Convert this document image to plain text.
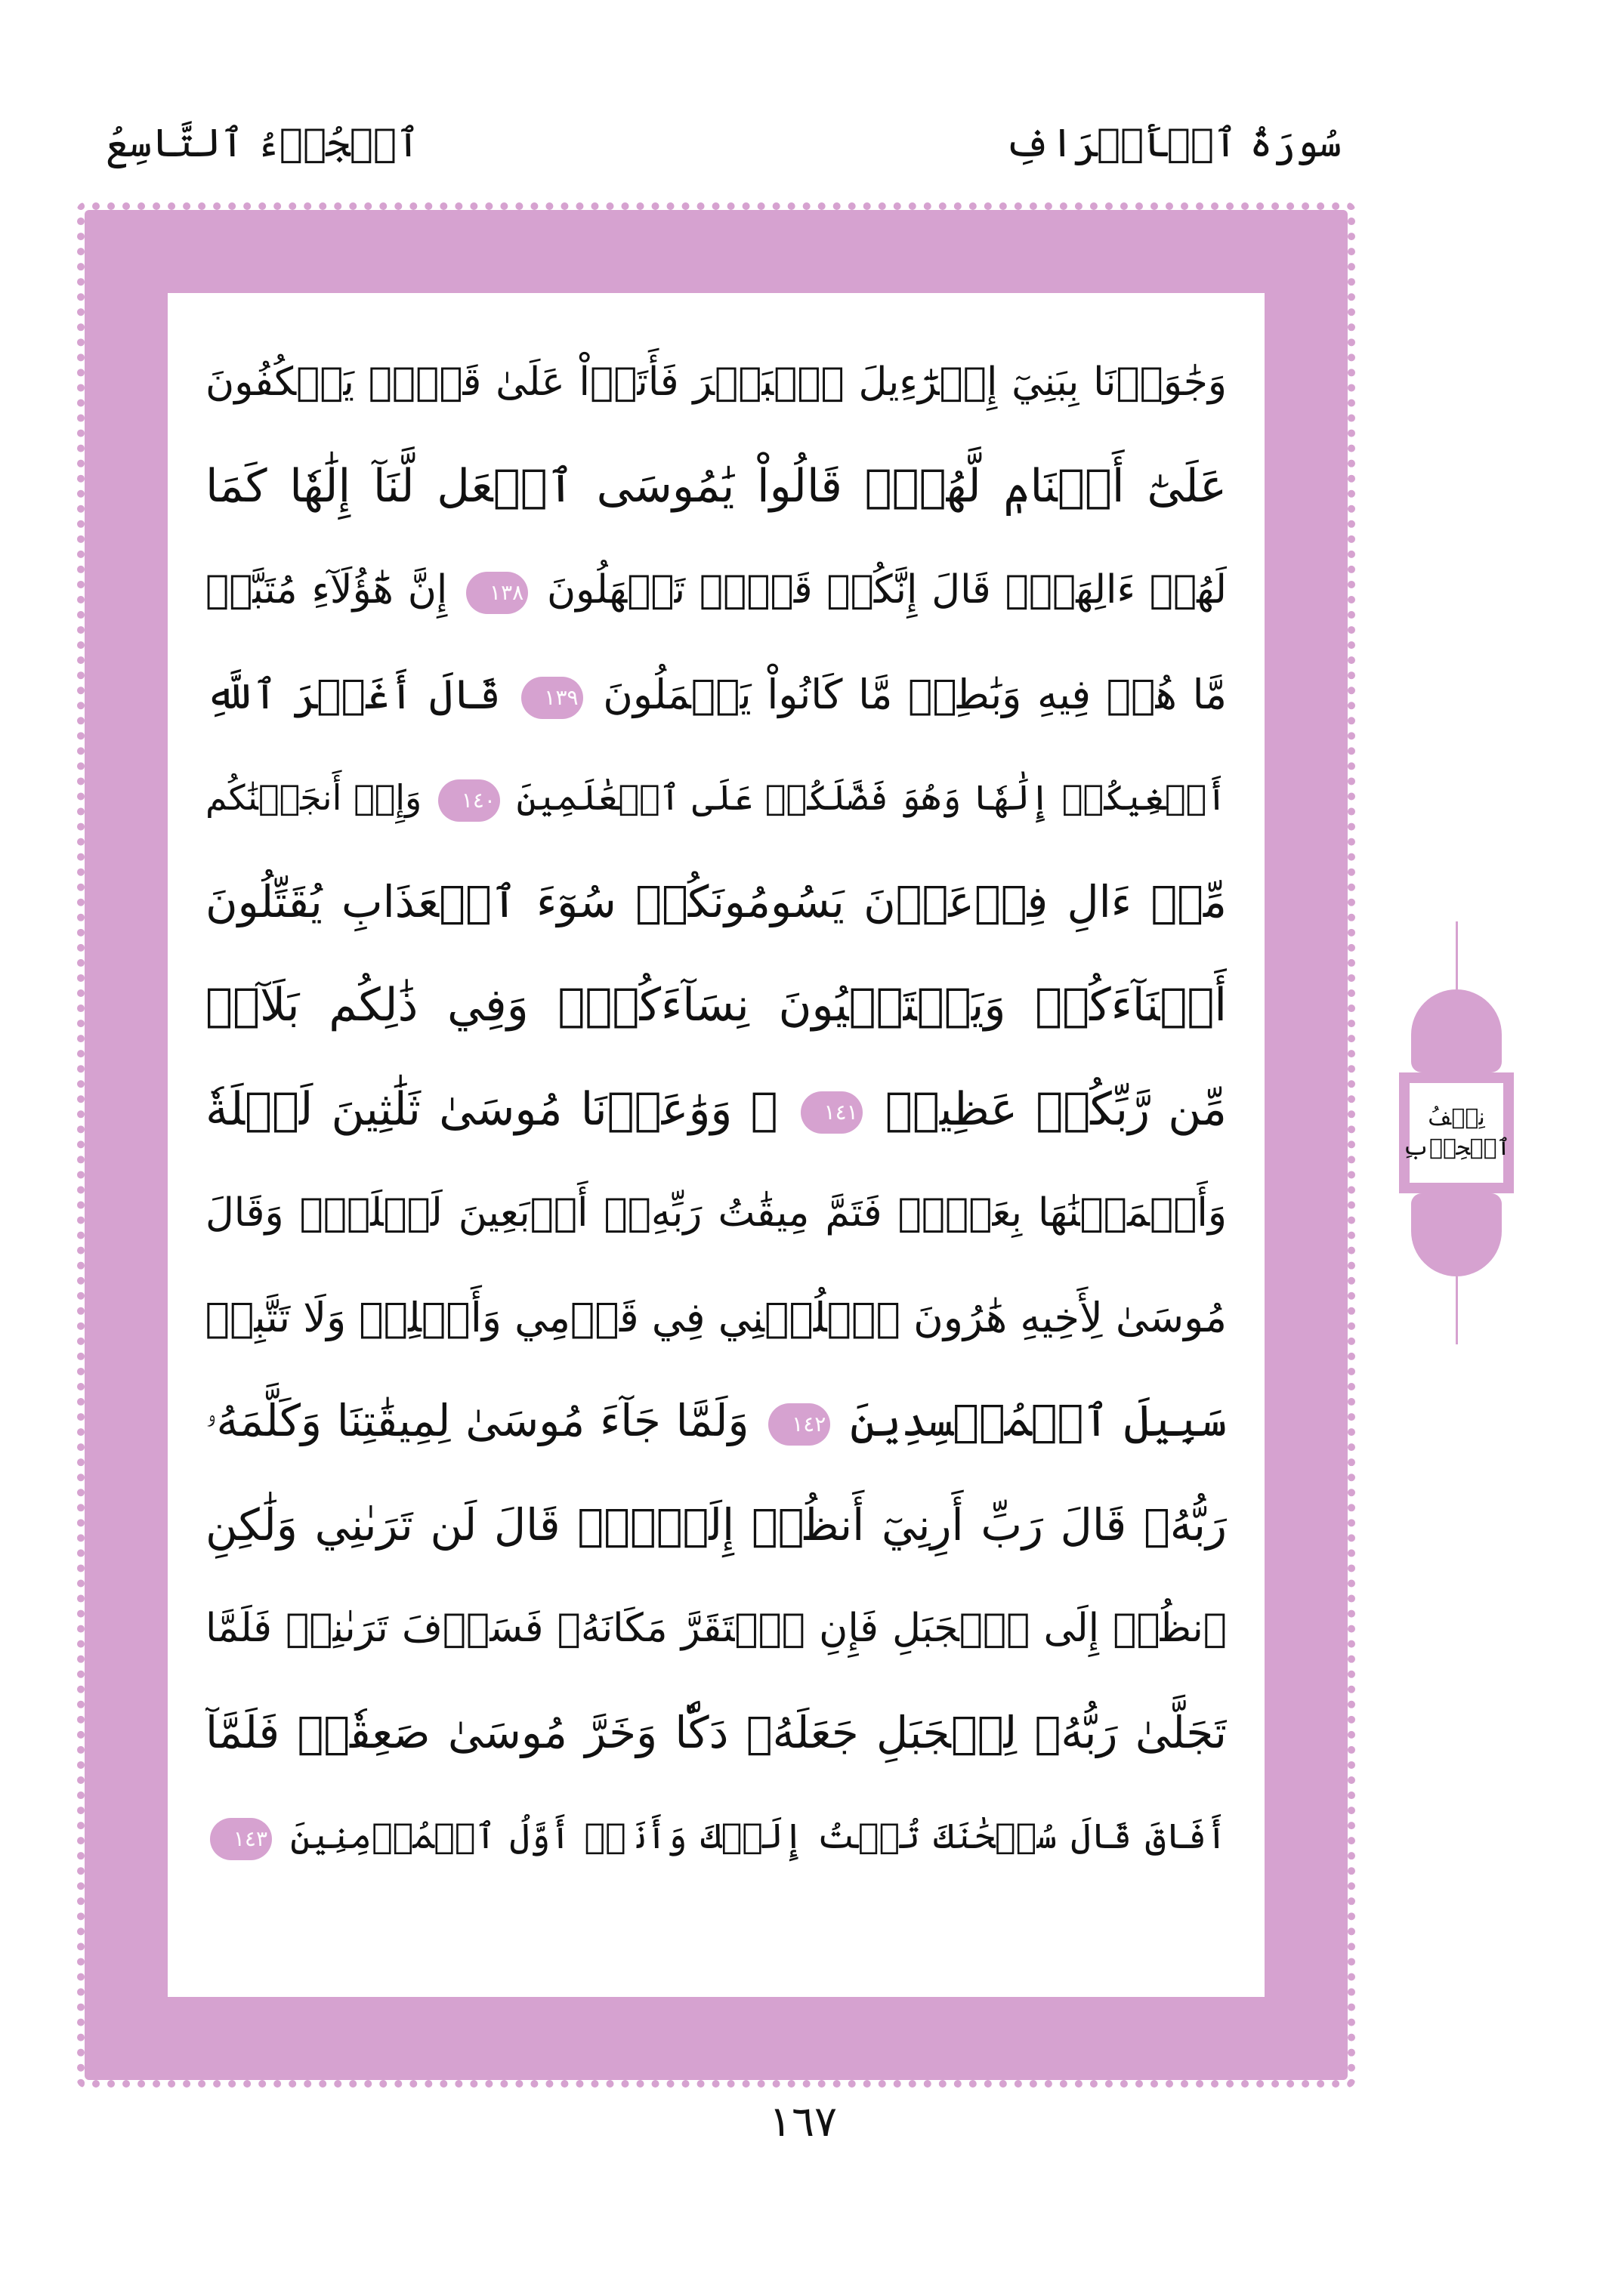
ٱلۡجُزۡءُ ٱلتَّاسِعُ	سُورَةُ ٱلۡأَعۡرَافِ
وَجَٰوَزۡنَا بِبَنِيٓ إِسۡرَٰٓءِيلَ ٱلۡبَحۡرَ فَأَتَوۡاْ عَلَىٰ قَوۡمٖ يَعۡكُفُونَ
عَلَىٰٓ أَصۡنَامٖ لَّهُمۡۚ قَالُواْ يَٰمُوسَى ٱجۡعَل لَّنَآ إِلَٰهٗا كَمَا
لَهُمۡ ءَالِهَةٞۚ قَالَ إِنَّكُمۡ قَوۡمٞ تَجۡهَلُونَ ١٣٨ إِنَّ هَٰٓؤُلَآءِ مُتَبَّرٞ
مَّا هُمۡ فِيهِ وَبَٰطِلٞ مَّا كَانُواْ يَعۡمَلُونَ ١٣٩ قَالَ أَغَيۡرَ ٱللَّهِ
أَبۡغِيكُمۡ إِلَٰهٗا وَهُوَ فَضَّلَكُمۡ عَلَى ٱلۡعَٰلَمِينَ ١٤٠ وَإِذۡ أَنجَيۡنَٰكُم
مِّنۡ ءَالِ فِرۡعَوۡنَ يَسُومُونَكُمۡ سُوٓءَ ٱلۡعَذَابِ يُقَتِّلُونَ
أَبۡنَآءَكُمۡ وَيَسۡتَحۡيُونَ نِسَآءَكُمۡۚ وَفِي ذَٰلِكُم بَلَآءٞ
مِّن رَّبِّكُمۡ عَظِيمٞ ١٤١ ۞ وَوَٰعَدۡنَا مُوسَىٰ ثَلَٰثِينَ لَيۡلَةٗ
وَأَتۡمَمۡنَٰهَا بِعَشۡرٖ فَتَمَّ مِيقَٰتُ رَبِّهِۦٓ أَرۡبَعِينَ لَيۡلَةٗۚ وَقَالَ
مُوسَىٰ لِأَخِيهِ هَٰرُونَ ٱخۡلُفۡنِي فِي قَوۡمِي وَأَصۡلِحۡ وَلَا تَتَّبِعۡ
سَبِيلَ ٱلۡمُفۡسِدِينَ ١٤٢ وَلَمَّا جَآءَ مُوسَىٰ لِمِيقَٰتِنَا وَكَلَّمَهُۥ
رَبُّهُۥ قَالَ رَبِّ أَرِنِيٓ أَنظُرۡ إِلَيۡكَۚ قَالَ لَن تَرَىٰنِي وَلَٰكِنِ
ٱنظُرۡ إِلَى ٱلۡجَبَلِ فَإِنِ ٱسۡتَقَرَّ مَكَانَهُۥ فَسَوۡفَ تَرَىٰنِيۚ فَلَمَّا
تَجَلَّىٰ رَبُّهُۥ لِلۡجَبَلِ جَعَلَهُۥ دَكّٗا وَخَرَّ مُوسَىٰ صَعِقٗاۚ فَلَمَّآ
أَفَاقَ قَالَ سُبۡحَٰنَكَ تُبۡتُ إِلَيۡكَ وَأَنَا۠ أَوَّلُ ٱلۡمُؤۡمِنِينَ ١٤٣
نِصۡفُ
ٱلۡحِزۡبِ
١٦٧
